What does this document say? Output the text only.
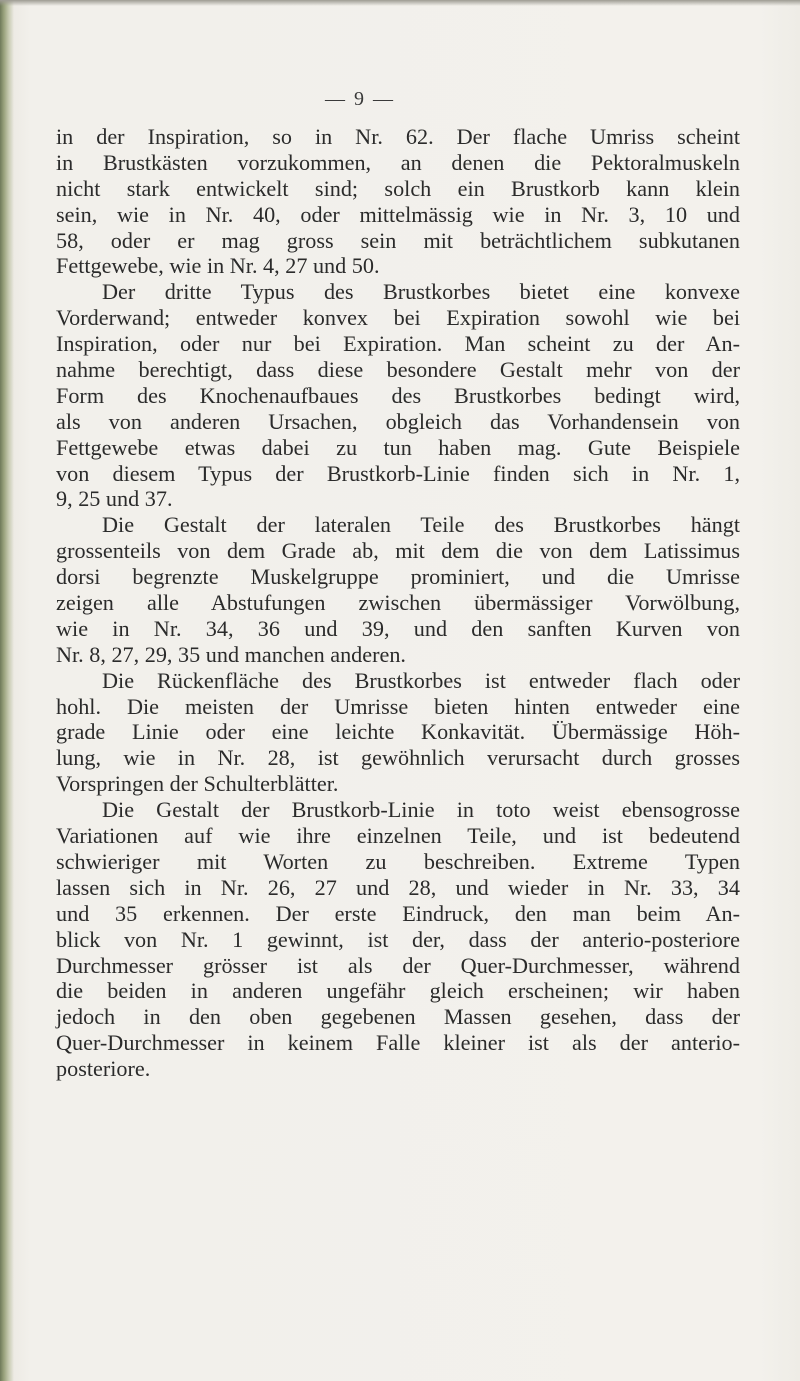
— 9 —
in der Inspiration, so in Nr. 62. Der flache Umriss scheint
in Brustkästen vorzukommen, an denen die Pektoralmuskeln
nicht stark entwickelt sind; solch ein Brustkorb kann klein
sein, wie in Nr. 40, oder mittelmässig wie in Nr. 3, 10 und
58, oder er mag gross sein mit beträchtlichem subkutanen
Fettgewebe, wie in Nr. 4, 27 und 50.
Der dritte Typus des Brustkorbes bietet eine konvexe
Vorderwand; entweder konvex bei Expiration sowohl wie bei
Inspiration, oder nur bei Expiration. Man scheint zu der An-
nahme berechtigt, dass diese besondere Gestalt mehr von der
Form des Knochenaufbaues des Brustkorbes bedingt wird,
als von anderen Ursachen, obgleich das Vorhandensein von
Fettgewebe etwas dabei zu tun haben mag. Gute Beispiele
von diesem Typus der Brustkorb-Linie finden sich in Nr. 1,
9, 25 und 37.
Die Gestalt der lateralen Teile des Brustkorbes hängt
grossenteils von dem Grade ab, mit dem die von dem Latissimus
dorsi begrenzte Muskelgruppe prominiert, und die Umrisse
zeigen alle Abstufungen zwischen übermässiger Vorwölbung,
wie in Nr. 34, 36 und 39, und den sanften Kurven von
Nr. 8, 27, 29, 35 und manchen anderen.
Die Rückenfläche des Brustkorbes ist entweder flach oder
hohl. Die meisten der Umrisse bieten hinten entweder eine
grade Linie oder eine leichte Konkavität. Übermässige Höh-
lung, wie in Nr. 28, ist gewöhnlich verursacht durch grosses
Vorspringen der Schulterblätter.
Die Gestalt der Brustkorb-Linie in toto weist ebensogrosse
Variationen auf wie ihre einzelnen Teile, und ist bedeutend
schwieriger mit Worten zu beschreiben. Extreme Typen
lassen sich in Nr. 26, 27 und 28, und wieder in Nr. 33, 34
und 35 erkennen. Der erste Eindruck, den man beim An-
blick von Nr. 1 gewinnt, ist der, dass der anterio-posteriore
Durchmesser grösser ist als der Quer-Durchmesser, während
die beiden in anderen ungefähr gleich erscheinen; wir haben
jedoch in den oben gegebenen Massen gesehen, dass der
Quer-Durchmesser in keinem Falle kleiner ist als der anterio-
posteriore.
